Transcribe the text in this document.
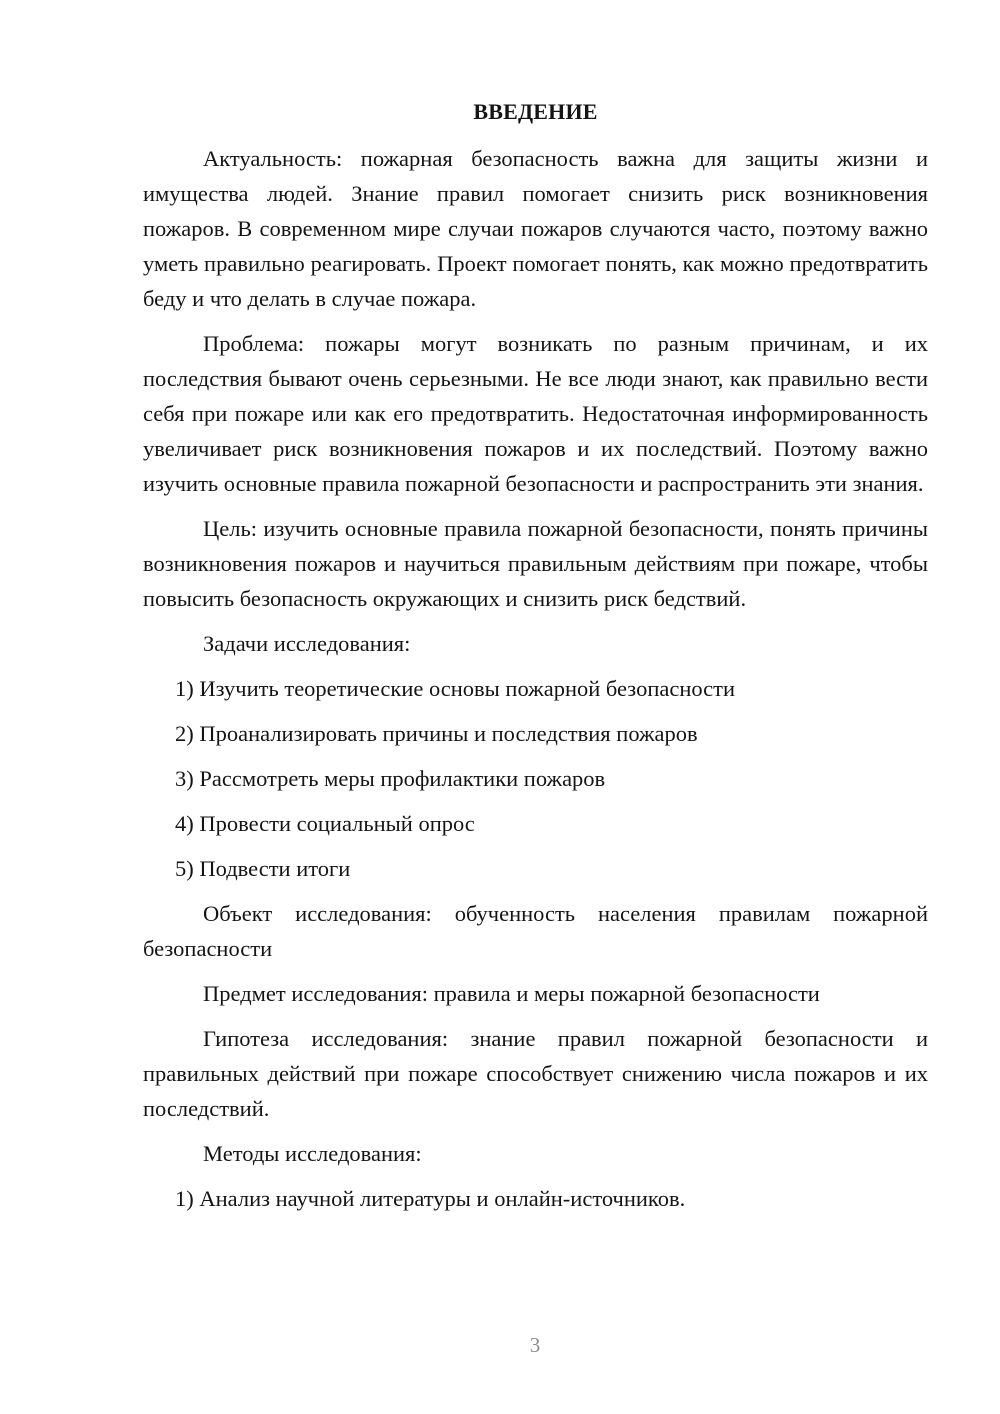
ВВЕДЕНИЕ

Актуальность: пожарная безопасность важна для защиты жизни и имущества людей. Знание правил помогает снизить риск возникновения пожаров. В современном мире случаи пожаров случаются часто, поэтому важно уметь правильно реагировать. Проект помогает понять, как можно предотвратить беду и что делать в случае пожара.

Проблема: пожары могут возникать по разным причинам, и их последствия бывают очень серьезными. Не все люди знают, как правильно вести себя при пожаре или как его предотвратить. Недостаточная информированность увеличивает риск возникновения пожаров и их последствий. Поэтому важно изучить основные правила пожарной безопасности и распространить эти знания.

Цель: изучить основные правила пожарной безопасности, понять причины возникновения пожаров и научиться правильным действиям при пожаре, чтобы повысить безопасность окружающих и снизить риск бедствий.

Задачи исследования:

1) Изучить теоретические основы пожарной безопасности
2) Проанализировать причины и последствия пожаров
3) Рассмотреть меры профилактики пожаров
4) Провести социальный опрос
5) Подвести итоги

Объект исследования: обученность населения правилам пожарной безопасности

Предмет исследования: правила и меры пожарной безопасности

Гипотеза исследования: знание правил пожарной безопасности и правильных действий при пожаре способствует снижению числа пожаров и их последствий.

Методы исследования:

1) Анализ научной литературы и онлайн-источников.
3
